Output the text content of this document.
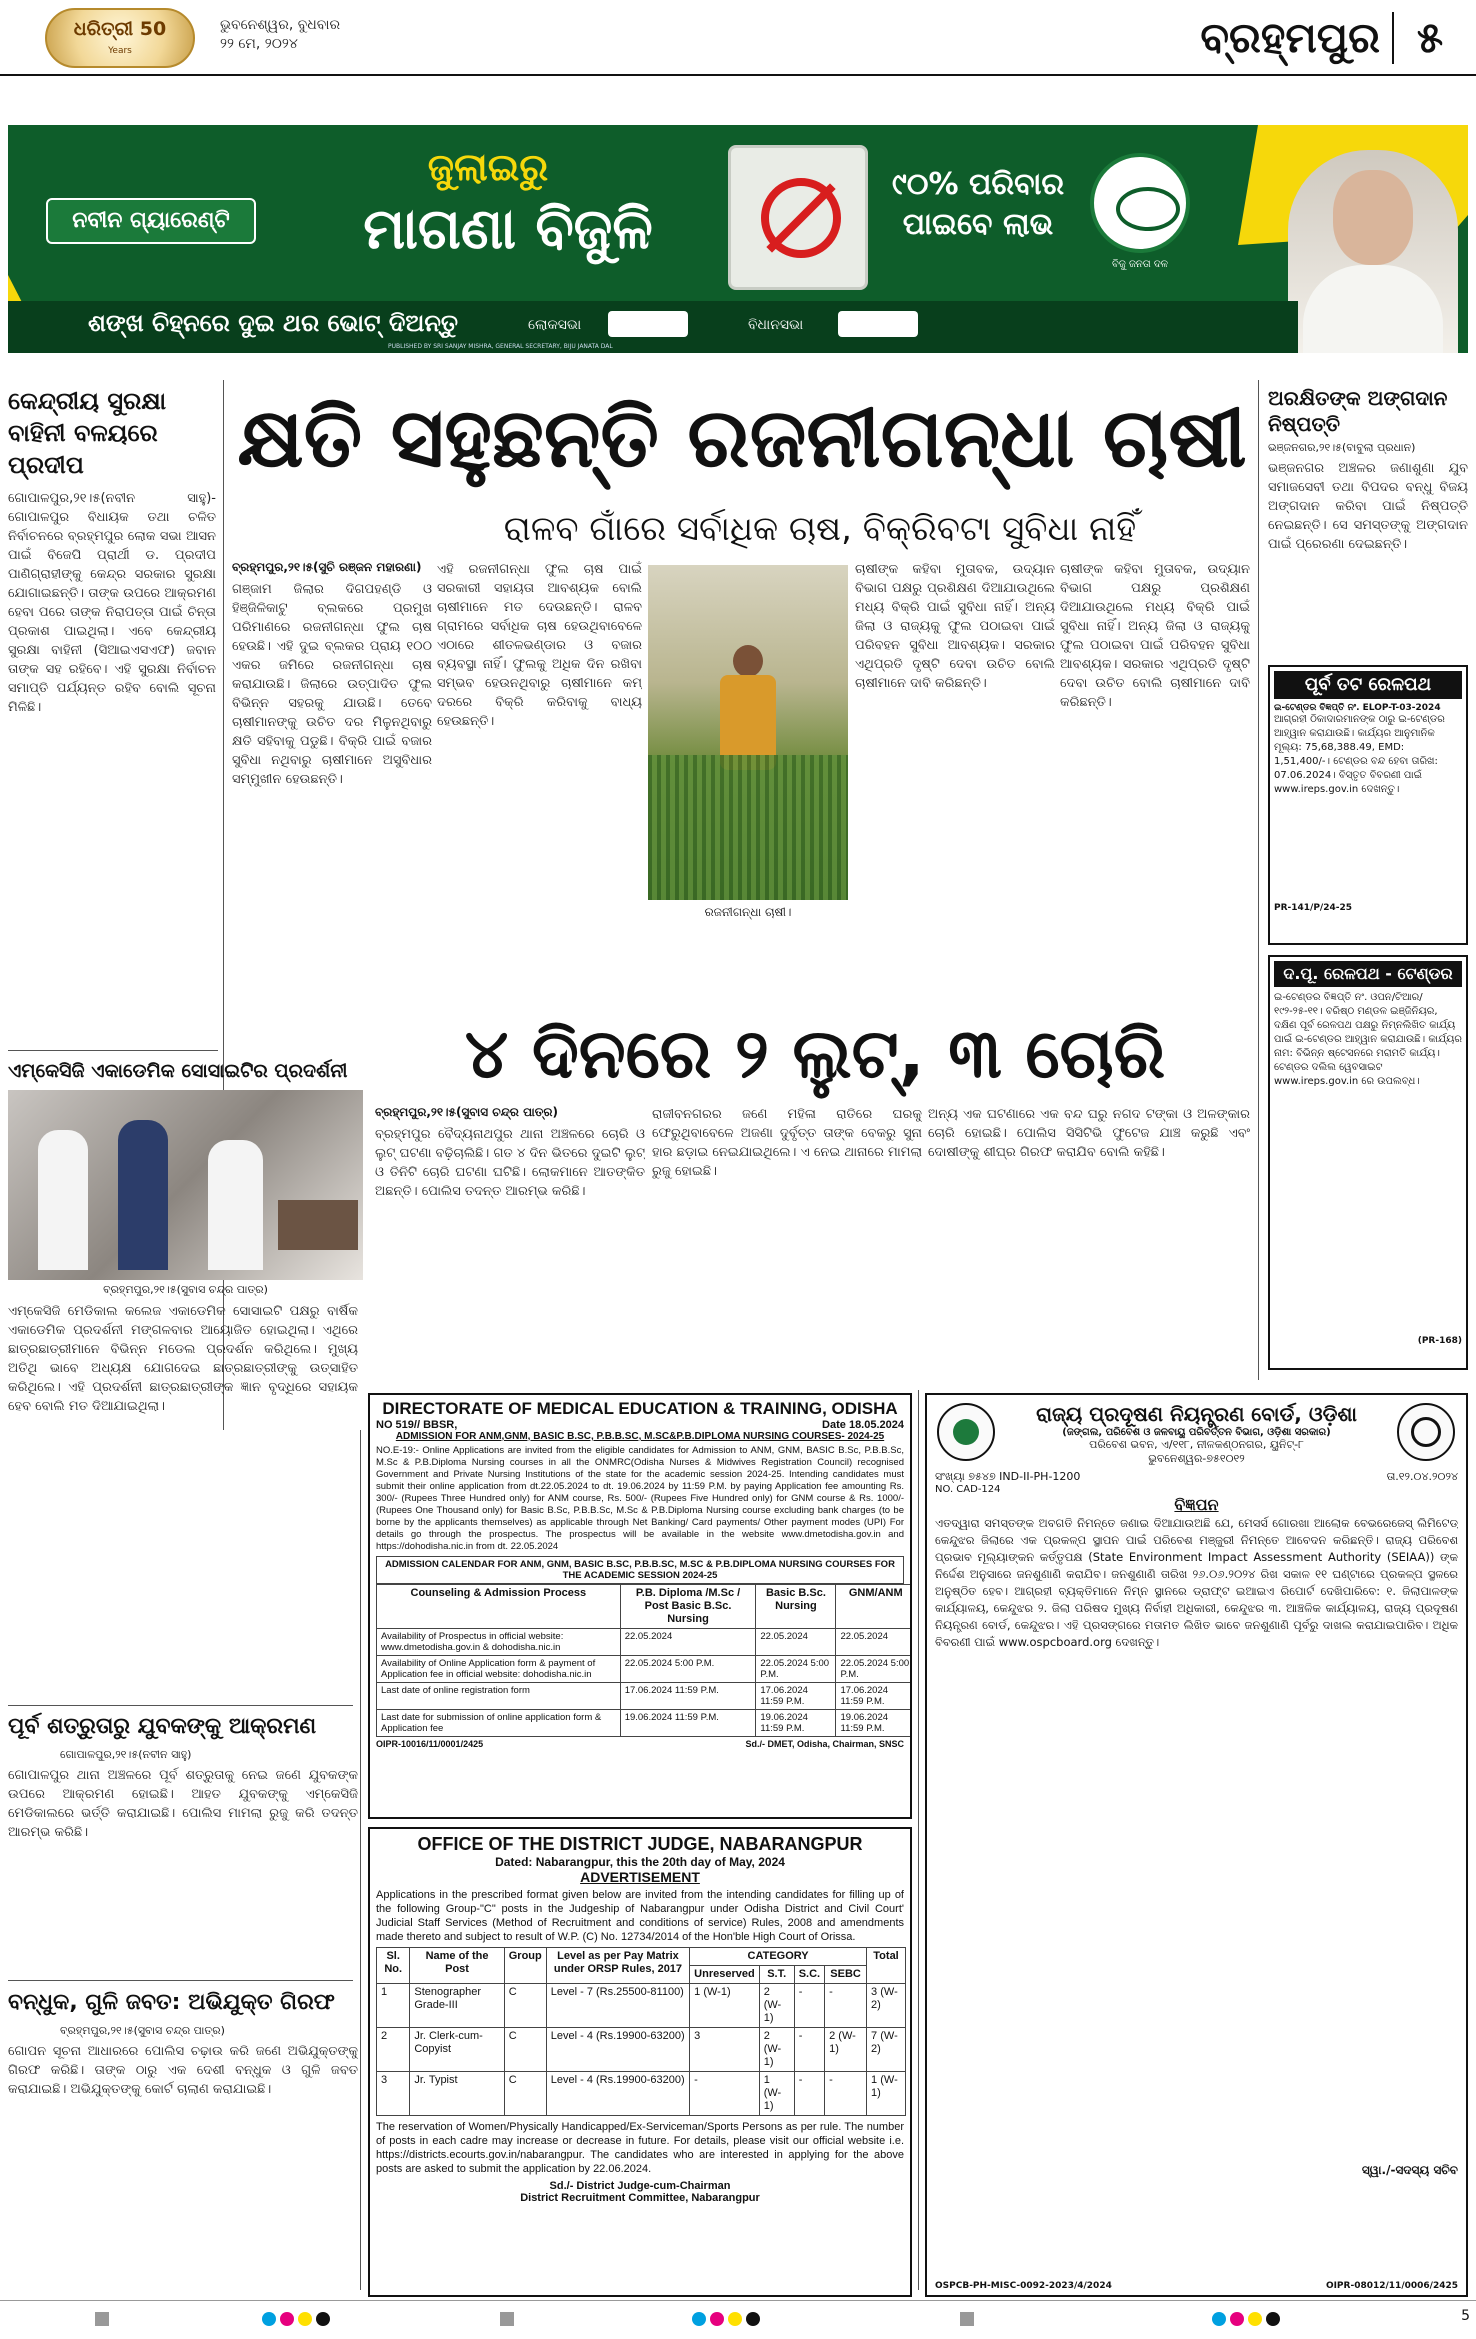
ଧରିତ୍ରୀ 50
Years
ଭୁବନେଶ୍ୱର, ବୁଧବାର
୨୨ ମେ, ୨୦୨୪	ବ୍ରହ୍ମପୁର ୫
ନବୀନ ଗ୍ୟାରେଣ୍ଟି
ଜୁଲାଇରୁ
ମାଗଣା ବିଜୁଳି
୯୦% ପରିବାର ପାଇବେ ଲାଭ
ବିଜୁ ଜନତା ଦଳ
ଶଙ୍ଖ ଚିହ୍ନରେ ଦୁଇ ଥର ଭୋଟ୍ ଦିଅନ୍ତୁ	ଲୋକସଭା	ବିଧାନସଭା
PUBLISHED BY SRI SANJAY MISHRA, GENERAL SECRETARY, BIJU JANATA DAL
କେନ୍ଦ୍ରୀୟ ସୁରକ୍ଷା ବାହିନୀ ବଳୟରେ ପ୍ରଦୀପ
ଗୋପାଳପୁର,୨୧।୫(ନବୀନ ସାହୁ)- ଗୋପାଳପୁର ବିଧାୟକ ତଥା ଚଳିତ ନିର୍ବାଚନରେ ବ୍ରହ୍ମପୁର ଲୋକ ସଭା ଆସନ ପାଇଁ ବିଜେପି ପ୍ରାର୍ଥୀ ଡ. ପ୍ରଦୀପ ପାଣିଗ୍ରାହୀଙ୍କୁ କେନ୍ଦ୍ର ସରକାର ସୁରକ୍ଷା ଯୋଗାଇଛନ୍ତି। ତାଙ୍କ ଉପରେ ଆକ୍ରମଣ ହେବା ପରେ ତାଙ୍କ ନିରାପତ୍ତା ପାଇଁ ଚିନ୍ତା ପ୍ରକାଶ ପାଇଥିଲା। ଏବେ କେନ୍ଦ୍ରୀୟ ସୁରକ୍ଷା ବାହିନୀ (ସିଆଇଏସଏଫ) ଜବାନ ତାଙ୍କ ସହ ରହିବେ। ଏହି ସୁରକ୍ଷା ନିର୍ବାଚନ ସମାପ୍ତି ପର୍ଯ୍ୟନ୍ତ ରହିବ ବୋଲି ସୂଚନା ମିଳିଛି।
କ୍ଷତି ସହୁଛନ୍ତି ରଜନୀଗନ୍ଧା ଚାଷୀ
ରାଳବ ଗାଁରେ ସର୍ବାଧିକ ଚାଷ, ବିକ୍ରିବଟା ସୁବିଧା ନାହିଁ
ବ୍ରହ୍ମପୁର,୨୧।୫(ସୁଚି ରଞ୍ଜନ ମହାରଣା)
ଗଞ୍ଜାମ ଜିଲାର ଦିଗପହଣ୍ଡି ଓ ହିଞ୍ଜିଳିକାଟୁ ବ୍ଲକରେ ପ୍ରମୁଖ ପରିମାଣରେ ରଜନୀଗନ୍ଧା ଫୁଲ ଚାଷ ହେଉଛି। ଏହି ଦୁଇ ବ୍ଲକର ପ୍ରାୟ ୧୦୦ ଏକର ଜମିରେ ରଜନୀଗନ୍ଧା ଚାଷ କରାଯାଉଛି। ଜିଲାରେ ଉତ୍ପାଦିତ ଫୁଲ ବିଭିନ୍ନ ସହରକୁ ଯାଉଛି। ତେବେ ଚାଷୀମାନଙ୍କୁ ଉଚିତ ଦର ମିଳୁନଥିବାରୁ କ୍ଷତି ସହିବାକୁ ପଡୁଛି। ବିକ୍ରି ପାଇଁ ବଜାର ସୁବିଧା ନଥିବାରୁ ଚାଷୀମାନେ ଅସୁବିଧାର ସମ୍ମୁଖୀନ ହେଉଛନ୍ତି।
ଏହି ରଜନୀଗନ୍ଧା ଫୁଲ ଚାଷ ପାଇଁ ସରକାରୀ ସହାୟତା ଆବଶ୍ୟକ ବୋଲି ଚାଷୀମାନେ ମତ ଦେଉଛନ୍ତି। ରାଳବ ଗ୍ରାମରେ ସର୍ବାଧିକ ଚାଷ ହେଉଥିବାବେଳେ ଏଠାରେ ଶୀତଳଭଣ୍ଡାର ଓ ବଜାର ବ୍ୟବସ୍ଥା ନାହିଁ। ଫୁଲକୁ ଅଧିକ ଦିନ ରଖିବା ସମ୍ଭବ ହେଉନଥିବାରୁ ଚାଷୀମାନେ କମ୍ ଦରରେ ବିକ୍ରି କରିବାକୁ ବାଧ୍ୟ ହେଉଛନ୍ତି।
ରଜନୀଗନ୍ଧା ଚାଷୀ।
ଚାଷୀଙ୍କ କହିବା ମୁତାବକ, ଉଦ୍ୟାନ ବିଭାଗ ପକ୍ଷରୁ ପ୍ରଶିକ୍ଷଣ ଦିଆଯାଉଥିଲେ ମଧ୍ୟ ବିକ୍ରି ପାଇଁ ସୁବିଧା ନାହିଁ। ଅନ୍ୟ ଜିଲା ଓ ରାଜ୍ୟକୁ ଫୁଲ ପଠାଇବା ପାଇଁ ପରିବହନ ସୁବିଧା ଆବଶ୍ୟକ। ସରକାର ଏଥିପ୍ରତି ଦୃଷ୍ଟି ଦେବା ଉଚିତ ବୋଲି ଚାଷୀମାନେ ଦାବି କରିଛନ୍ତି।
ଚାଷୀଙ୍କ କହିବା ମୁତାବକ, ଉଦ୍ୟାନ ବିଭାଗ ପକ୍ଷରୁ ପ୍ରଶିକ୍ଷଣ ଦିଆଯାଉଥିଲେ ମଧ୍ୟ ବିକ୍ରି ପାଇଁ ସୁବିଧା ନାହିଁ। ଅନ୍ୟ ଜିଲା ଓ ରାଜ୍ୟକୁ ଫୁଲ ପଠାଇବା ପାଇଁ ପରିବହନ ସୁବିଧା ଆବଶ୍ୟକ। ସରକାର ଏଥିପ୍ରତି ଦୃଷ୍ଟି ଦେବା ଉଚିତ ବୋଲି ଚାଷୀମାନେ ଦାବି କରିଛନ୍ତି।
ଅରକ୍ଷିତଙ୍କ ଅଙ୍ଗଦାନ ନିଷ୍ପତ୍ତି
ଭଞ୍ଜନଗର,୨୧।୫(ବାବୁଲା ପ୍ରଧାନ)
ଭଞ୍ଜନଗର ଅଞ୍ଚଳର ଜଣାଶୁଣା ଯୁବ ସମାଜସେବୀ ତଥା ବିପଦର ବନ୍ଧୁ ବିଜୟ ଅଙ୍ଗଦାନ କରିବା ପାଇଁ ନିଷ୍ପତ୍ତି ନେଇଛନ୍ତି। ସେ ସମସ୍ତଙ୍କୁ ଅଙ୍ଗଦାନ ପାଇଁ ପ୍ରେରଣା ଦେଇଛନ୍ତି।
ପୂର୍ବ ତଟ ରେଳପଥ
ଇ-ଟେଣ୍ଡର ବିଜ୍ଞପ୍ତି ନଂ. ELOP-T-03-2024
ଆଗ୍ରହୀ ଠିକାଦାରମାନଙ୍କ ଠାରୁ ଇ-ଟେଣ୍ଡର ଆହ୍ୱାନ କରାଯାଉଛି। କାର୍ଯ୍ୟର ଆନୁମାନିକ ମୂଲ୍ୟ: 75,68,388.49, EMD: 1,51,400/-। ଟେଣ୍ଡର ବନ୍ଦ ହେବା ତାରିଖ: 07.06.2024। ବିସ୍ତୃତ ବିବରଣୀ ପାଇଁ www.ireps.gov.in ଦେଖନ୍ତୁ।
PR-141/P/24-25
ଦ.ପୂ. ରେଳପଥ - ଟେଣ୍ଡର
ଇ-ଟେଣ୍ଡର ବିଜ୍ଞପ୍ତି ନଂ. ଓପନ/ଟିଆର/୧୯୨-୨୫-୧୧। ବରିଷ୍ଠ ମଣ୍ଡଳ ଇଞ୍ଜିନିୟର, ଦକ୍ଷିଣ ପୂର୍ବ ରେଳପଥ ପକ୍ଷରୁ ନିମ୍ନଲିଖିତ କାର୍ଯ୍ୟ ପାଇଁ ଇ-ଟେଣ୍ଡର ଆହ୍ୱାନ କରାଯାଉଛି। କାର୍ଯ୍ୟର ନାମ: ବିଭିନ୍ନ ଷ୍ଟେସନରେ ମରାମତି କାର୍ଯ୍ୟ। ଟେଣ୍ଡର ଦଲିଲ ୱେବସାଇଟ www.ireps.gov.in ରେ ଉପଲବ୍ଧ।
(PR-168)
ଏମ୍‌କେସିଜି ଏକାଡେମିକ ସୋସାଇଟିର ପ୍ରଦର୍ଶନୀ
ବ୍ରହ୍ମପୁର,୨୧।୫(ସୁବାସ ଚନ୍ଦ୍ର ପାତ୍ର)
ଏମ୍‌କେସିଜି ମେଡିକାଲ କଲେଜ ଏକାଡେମିକ ସୋସାଇଟି ପକ୍ଷରୁ ବାର୍ଷିକ ଏକାଡେମିକ ପ୍ରଦର୍ଶନୀ ମଙ୍ଗଳବାର ଆୟୋଜିତ ହୋଇଥିଲା। ଏଥିରେ ଛାତ୍ରଛାତ୍ରୀମାନେ ବିଭିନ୍ନ ମଡେଲ ପ୍ରଦର୍ଶନ କରିଥିଲେ। ମୁଖ୍ୟ ଅତିଥି ଭାବେ ଅଧ୍ୟକ୍ଷ ଯୋଗଦେଇ ଛାତ୍ରଛାତ୍ରୀଙ୍କୁ ଉତ୍ସାହିତ କରିଥିଲେ। ଏହି ପ୍ରଦର୍ଶନୀ ଛାତ୍ରଛାତ୍ରୀଙ୍କ ଜ୍ଞାନ ବୃଦ୍ଧିରେ ସହାୟକ ହେବ ବୋଲି ମତ ଦିଆଯାଇଥିଲା।
୪ ଦିନରେ ୨ ଲୁଟ୍, ୩ ଚୋରି
ବ୍ରହ୍ମପୁର,୨୧।୫(ସୁବାସ ଚନ୍ଦ୍ର ପାତ୍ର)
ବ୍ରହ୍ମପୁର ବୈଦ୍ୟନାଥପୁର ଥାନା ଅଞ୍ଚଳରେ ଚୋରି ଓ ଲୁଟ୍ ଘଟଣା ବଢ଼ିଚାଲିଛି। ଗତ ୪ ଦିନ ଭିତରେ ଦୁଇଟି ଲୁଟ୍ ଓ ତିନିଟି ଚୋରି ଘଟଣା ଘଟିଛି। ଲୋକମାନେ ଆତଙ୍କିତ ଅଛନ୍ତି। ପୋଲିସ ତଦନ୍ତ ଆରମ୍ଭ କରିଛି।
ରାଜୀବନଗରର ଜଣେ ମହିଳା ରାତିରେ ଘରକୁ ଫେରୁଥିବାବେଳେ ଅଜଣା ଦୁର୍ବୃତ୍ତ ତାଙ୍କ ବେକରୁ ସୁନା ହାର ଛଡ଼ାଇ ନେଇଯାଇଥିଲେ। ଏ ନେଇ ଥାନାରେ ମାମଲା ରୁଜୁ ହୋଇଛି।
ଅନ୍ୟ ଏକ ଘଟଣାରେ ଏକ ବନ୍ଦ ଘରୁ ନଗଦ ଟଙ୍କା ଓ ଅଳଙ୍କାର ଚୋରି ହୋଇଛି। ପୋଲିସ ସିସିଟିଭି ଫୁଟେଜ ଯାଞ୍ଚ କରୁଛି ଏବଂ ଦୋଷୀଙ୍କୁ ଶୀଘ୍ର ଗିରଫ କରାଯିବ ବୋଲି କହିଛି।
ପୂର୍ବ ଶତ୍ରୁତାରୁ ଯୁବକଙ୍କୁ ଆକ୍ରମଣ
ଗୋପାଳପୁର,୨୧।୫(ନବୀନ ସାହୁ)
ଗୋପାଳପୁର ଥାନା ଅଞ୍ଚଳରେ ପୂର୍ବ ଶତ୍ରୁତାକୁ ନେଇ ଜଣେ ଯୁବକଙ୍କ ଉପରେ ଆକ୍ରମଣ ହୋଇଛି। ଆହତ ଯୁବକଙ୍କୁ ଏମ୍‌କେସିଜି ମେଡିକାଲରେ ଭର୍ତ୍ତି କରାଯାଇଛି। ପୋଲିସ ମାମଲା ରୁଜୁ କରି ତଦନ୍ତ ଆରମ୍ଭ କରିଛି।
ବନ୍ଧୁକ, ଗୁଳି ଜବତ: ଅଭିଯୁକ୍ତ ଗିରଫ
ବ୍ରହ୍ମପୁର,୨୧।୫(ସୁବାସ ଚନ୍ଦ୍ର ପାତ୍ର)
ଗୋପନ ସୂଚନା ଆଧାରରେ ପୋଲିସ ଚଢ଼ାଉ କରି ଜଣେ ଅଭିଯୁକ୍ତଙ୍କୁ ଗିରଫ କରିଛି। ତାଙ୍କ ଠାରୁ ଏକ ଦେଶୀ ବନ୍ଧୁକ ଓ ଗୁଳି ଜବତ କରାଯାଇଛି। ଅଭିଯୁକ୍ତଙ୍କୁ କୋର୍ଟ ଚାଲାଣ କରାଯାଇଛି।
DIRECTORATE OF MEDICAL EDUCATION & TRAINING, ODISHA
NO 519// BBSR,	Date 18.05.2024
ADMISSION FOR ANM,GNM, BASIC B.SC, P.B.B.SC, M.SC&P.B.DIPLOMA NURSING COURSES- 2024-25
NO.E-19:- Online Applications are invited from the eligible candidates for Admission to ANM, GNM, BASIC B.Sc, P.B.B.Sc, M.Sc & P.B.Diploma Nursing courses in all the ONMRC(Odisha Nurses & Midwives Registration Council) recognised Government and Private Nursing Institutions of the state for the academic session 2024-25. Intending candidates must submit their online application from dt.22.05.2024 to dt. 19.06.2024 by 11:59 P.M. by paying Application fee amounting Rs. 300/- (Rupees Three Hundred only) for ANM course, Rs. 500/- (Rupees Five Hundred only) for GNM course & Rs. 1000/- (Rupees One Thousand only) for Basic B.Sc, P.B.B.Sc, M.Sc & P.B.Diploma Nursing course excluding bank charges (to be borne by the applicants themselves) as applicable through Net Banking/ Card payments/ Other payment modes (UPI) For details go through the prospectus. The prospectus will be available in the website www.dmetodisha.gov.in and https://dohodisha.nic.in from dt. 22.05.2024
ADMISSION CALENDAR FOR ANM, GNM, BASIC B.SC, P.B.B.SC, M.SC & P.B.DIPLOMA NURSING COURSES FOR THE ACADEMIC SESSION 2024-25
Counseling & Admission Process	P.B. Diploma /M.Sc / Post Basic B.Sc. Nursing	Basic B.Sc. Nursing	GNM/ANM
Availability of Prospectus in official website: www.dmetodisha.gov.in & dohodisha.nic.in	22.05.2024	22.05.2024	22.05.2024
Availability of Online Application form & payment of Application fee in official website: dohodisha.nic.in	22.05.2024 5:00 P.M.	22.05.2024 5:00 P.M.	22.05.2024 5:00 P.M.
Last date of online registration form	17.06.2024 11:59 P.M.	17.06.2024 11:59 P.M.	17.06.2024 11:59 P.M.
Last date for submission of online application form & Application fee	19.06.2024 11:59 P.M.	19.06.2024 11:59 P.M.	19.06.2024 11:59 P.M.
OIPR-10016/11/0001/2425	Sd./- DMET, Odisha, Chairman, SNSC
OFFICE OF THE DISTRICT JUDGE, NABARANGPUR
Dated: Nabarangpur, this the 20th day of May, 2024
ADVERTISEMENT
Applications in the prescribed format given below are invited from the intending candidates for filling up of the following Group-"C" posts in the Judgeship of Nabarangpur under Odisha District and Civil Court' Judicial Staff Services (Method of Recruitment and conditions of service) Rules, 2008 and amendments made thereto and subject to result of W.P. (C) No. 12734/2014 of the Hon'ble High Court of Orissa.
Sl. No.	Name of the Post	Group	Level as per Pay Matrix under ORSP Rules, 2017	CATEGORY				Total
				Unreserved	S.T.	S.C.	SEBC	
1	Stenographer Grade-III	C	Level - 7 (Rs.25500-81100)	1 (W-1)	2 (W-1)	-	-	3 (W-2)
2	Jr. Clerk-cum-Copyist	C	Level - 4 (Rs.19900-63200)	3	2 (W-1)	-	2 (W-1)	7 (W-2)
3	Jr. Typist	C	Level - 4 (Rs.19900-63200)	-	1 (W-1)	-	-	1 (W-1)
The reservation of Women/Physically Handicapped/Ex-Serviceman/Sports Persons as per rule. The number of posts in each cadre may increase or decrease in future. For details, please visit our official website i.e. https://districts.ecourts.gov.in/nabarangpur. The candidates who are interested in applying for the above posts are asked to submit the application by 22.06.2024.
Sd./- District Judge-cum-Chairman
District Recruitment Committee, Nabarangpur
ରାଜ୍ୟ ପ୍ରଦୂଷଣ ନିୟନ୍ତ୍ରଣ ବୋର୍ଡ, ଓଡ଼ିଶା
(ଜଙ୍ଗଲ, ପରିବେଶ ଓ ଜଳବାୟୁ ପରିବର୍ତ୍ତନ ବିଭାଗ, ଓଡ଼ିଶା ସରକାର)
ପରିବେଶ ଭବନ, ଏ/୧୧୮, ନୀଳକଣ୍ଠନଗର, ୟୁନିଟ୍-୮
ଭୁବନେଶ୍ୱର-୭୫୧୦୧୨
ସଂଖ୍ୟା ୭୫୪୭ IND-II-PH-1200	ତା.୧୨.୦୪.୨୦୨୪
NO. CAD-124
ବିଜ୍ଞପନ
ଏତଦ୍ୱାରା ସମସ୍ତଙ୍କ ଅବଗତି ନିମନ୍ତେ ଜଣାଇ ଦିଆଯାଉଅଛି ଯେ, ମେସର୍ସ ଗୋରଖା ଆଲୋକ ବେଭରେଜେସ୍ ଲିମିଟେଡ୍ କେନ୍ଦୁଝର ଜିଲାରେ ଏକ ପ୍ରକଳ୍ପ ସ୍ଥାପନ ପାଇଁ ପରିବେଶ ମଞ୍ଜୁରୀ ନିମନ୍ତେ ଆବେଦନ କରିଛନ୍ତି। ରାଜ୍ୟ ପରିବେଶ ପ୍ରଭାବ ମୂଲ୍ୟାଙ୍କନ କର୍ତ୍ତୃପକ୍ଷ (State Environment Impact Assessment Authority (SEIAA)) ଙ୍କ ନିର୍ଦ୍ଦେଶ ଅନୁସାରେ ଜନଶୁଣାଣି କରାଯିବ। ଜନଶୁଣାଣି ତାରିଖ ୨୬.୦୬.୨୦୨୪ ରିଖ ସକାଳ ୧୧ ଘଣ୍ଟାରେ ପ୍ରକଳ୍ପ ସ୍ଥଳରେ ଅନୁଷ୍ଠିତ ହେବ। ଆଗ୍ରହୀ ବ୍ୟକ୍ତିମାନେ ନିମ୍ନ ସ୍ଥାନରେ ଡ୍ରାଫ୍ଟ ଇଆଇଏ ରିପୋର୍ଟ ଦେଖିପାରିବେ: ୧. ଜିଲାପାଳଙ୍କ କାର୍ଯ୍ୟାଳୟ, କେନ୍ଦୁଝର ୨. ଜିଲା ପରିଷଦ ମୁଖ୍ୟ ନିର୍ବାହୀ ଅଧିକାରୀ, କେନ୍ଦୁଝର ୩. ଆଞ୍ଚଳିକ କାର୍ଯ୍ୟାଳୟ, ରାଜ୍ୟ ପ୍ରଦୂଷଣ ନିୟନ୍ତ୍ରଣ ବୋର୍ଡ, କେନ୍ଦୁଝର। ଏହି ପ୍ରସଙ୍ଗରେ ମତାମତ ଲିଖିତ ଭାବେ ଜନଶୁଣାଣି ପୂର୍ବରୁ ଦାଖଲ କରାଯାଇପାରିବ। ଅଧିକ ବିବରଣୀ ପାଇଁ www.ospcboard.org ଦେଖନ୍ତୁ।
ସ୍ୱା./-ସଦସ୍ୟ ସଚିବ
OSPCB-PH-MISC-0092-2023/4/2024	OIPR-08012/11/0006/2425
5
